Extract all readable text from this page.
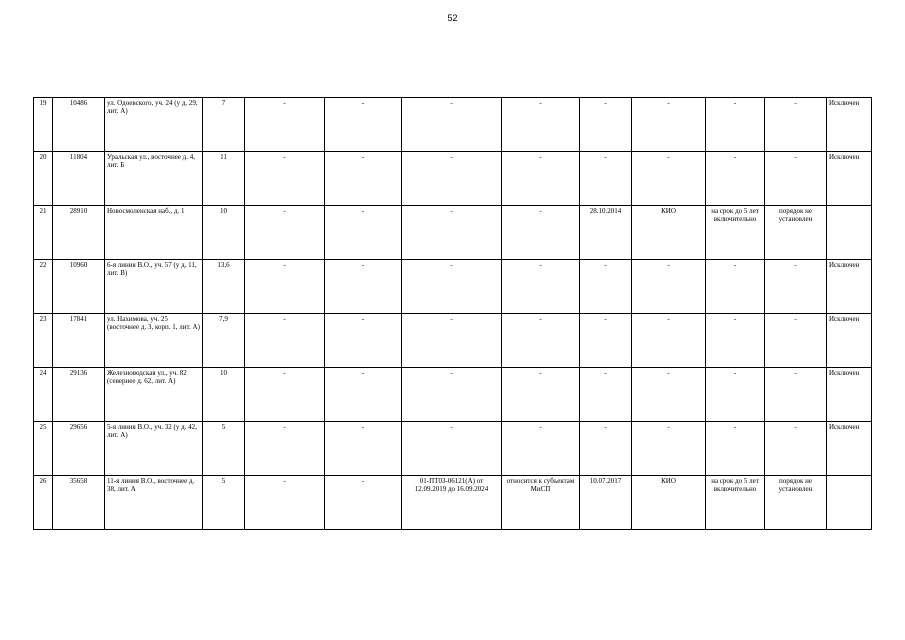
52
19	10486	ул. Одоевского, уч. 24 (у д. 29, лит. А)	7	-	-	-	-	-	-	-	-	Исключен
20	11804	Уральская ул., восточнее д. 4, лит. Б	11	-	-	-	-	-	-	-	-	Исключен
21	28910	Новосмоленская наб., д. 1	10	-	-	-	-	28.10.2014	КИО	на срок до 5 лет включительно	порядок не установлен	
22	10960	6-я линия В.О., уч. 57 (у д. 11, лит. В)	13,6	-	-	-	-	-	-	-	-	Исключен
23	17841	ул. Нахимова, уч. 25 (восточнее д. 3, корп. 1, лит. А)	7,9	-	-	-	-	-	-	-	-	Исключен
24	29136	Железноводская ул., уч. 82 (севернее д. 62, лит. А)	10	-	-	-	-	-	-	-	-	Исключен
25	29656	5-я линия В.О., уч. 32 (у д. 42, лит. А)	5	-	-	-	-	-	-	-	-	Исключен
26	35658	11-я линия В.О., восточнее д. 38, лит. А	5	-	-	01-ПТ03-06121(А) от 12.09.2019 до 16.09.2024	относится к субъектам МиСП	10.07.2017	КИО	на срок до 5 лет включительно	порядок не установлен	
